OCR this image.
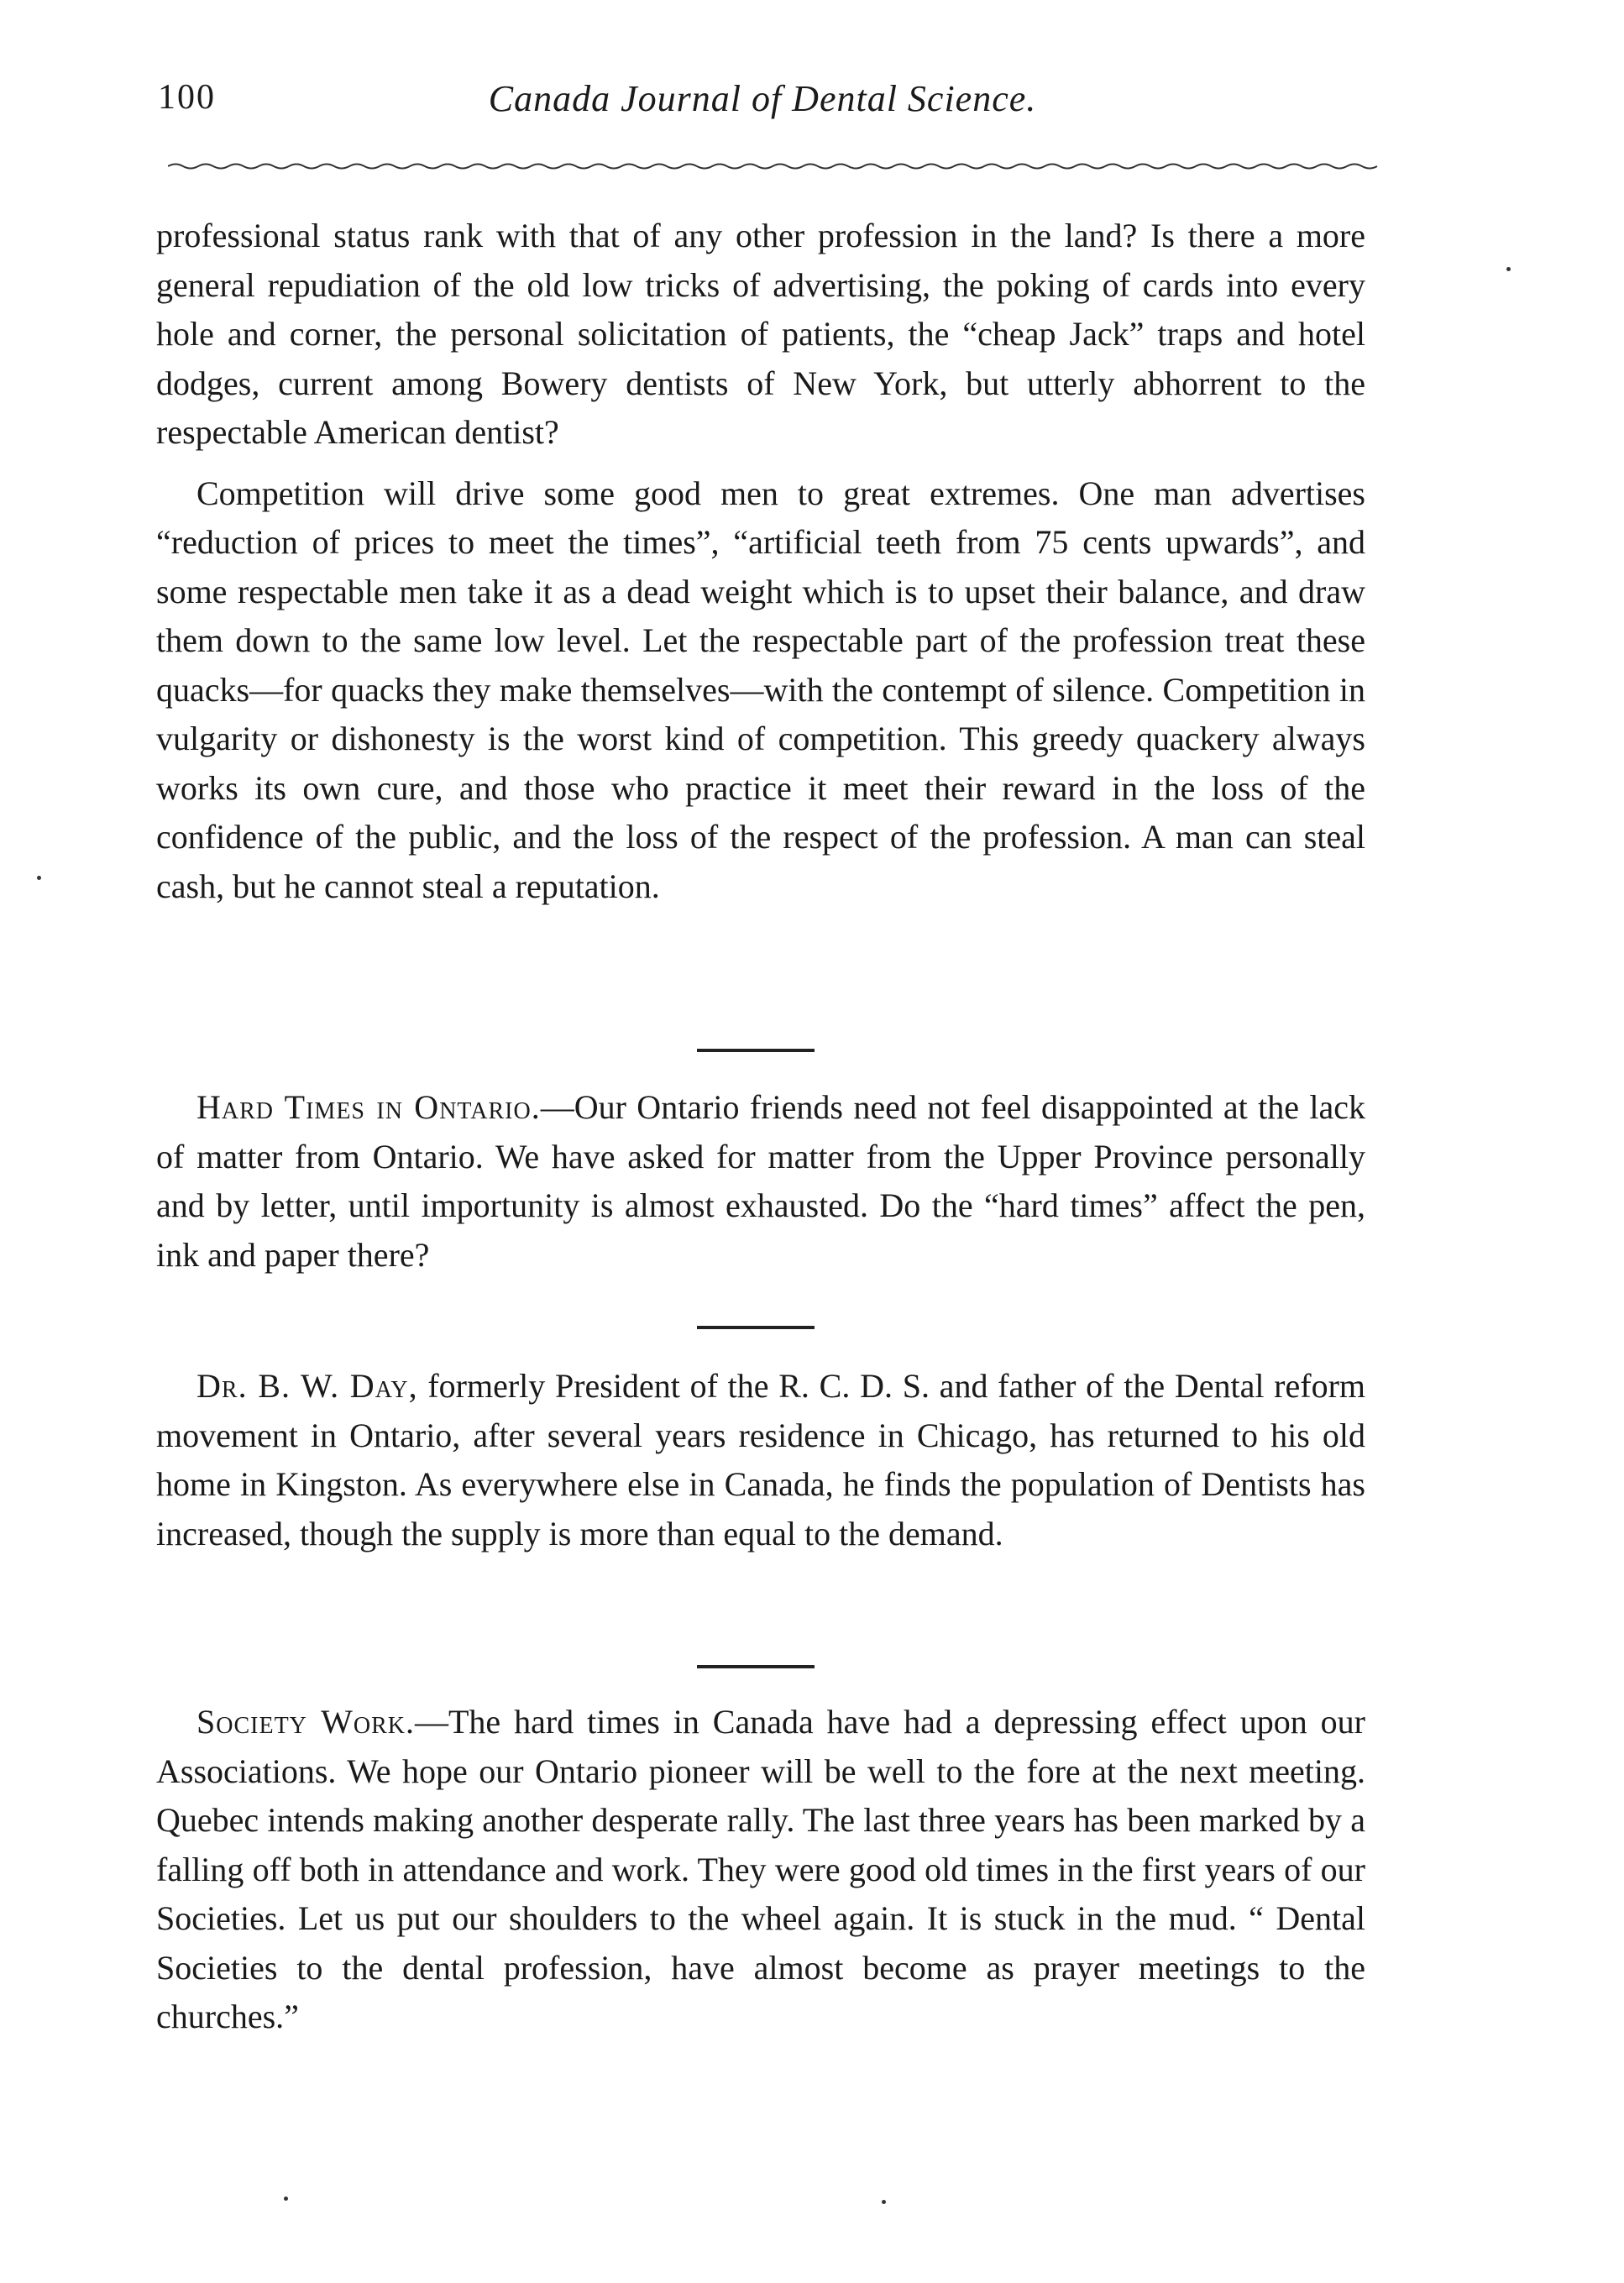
100	Canada Journal of Dental Science.

professional status rank with that of any other profession in the land? Is there a more general repudiation of the old low tricks of advertising, the poking of cards into every hole and corner, the personal solicitation of patients, the “cheap Jack” traps and hotel dodges, current among Bowery dentists of New York, but utterly abhorrent to the respectable American dentist?

Competition will drive some good men to great extremes. One man advertises “reduction of prices to meet the times”, “artificial teeth from 75 cents upwards”, and some respectable men take it as a dead weight which is to upset their balance, and draw them down to the same low level. Let the respectable part of the profession treat these quacks—for quacks they make themselves—with the contempt of silence. Competition in vulgarity or dishonesty is the worst kind of competition. This greedy quackery always works its own cure, and those who practice it meet their reward in the loss of the confidence of the public, and the loss of the respect of the profession. A man can steal cash, but he cannot steal a reputation.

Hard Times in Ontario.—Our Ontario friends need not feel disappointed at the lack of matter from Ontario. We have asked for matter from the Upper Province personally and by letter, until importunity is almost exhausted. Do the “hard times” affect the pen, ink and paper there?

Dr. B. W. Day, formerly President of the R. C. D. S. and father of the Dental reform movement in Ontario, after several years residence in Chicago, has returned to his old home in Kingston. As everywhere else in Canada, he finds the population of Dentists has increased, though the supply is more than equal to the demand.

Society Work.—The hard times in Canada have had a depressing effect upon our Associations. We hope our Ontario pioneer will be well to the fore at the next meeting. Quebec intends making another desperate rally. The last three years has been marked by a falling off both in attendance and work. They were good old times in the first years of our Societies. Let us put our shoulders to the wheel again. It is stuck in the mud. “ Dental Societies to the dental profession, have almost become as prayer meetings to the churches.”
